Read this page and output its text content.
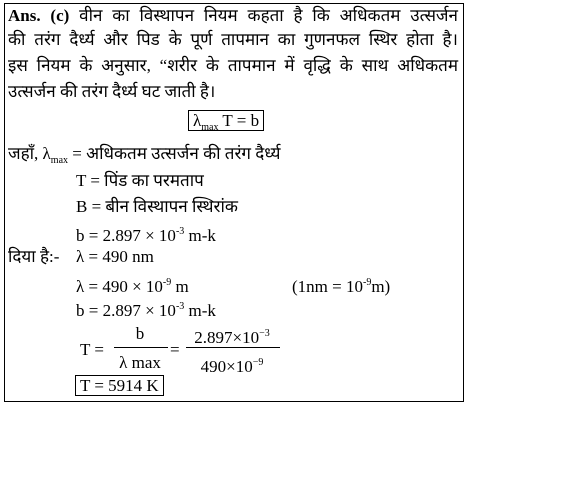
Ans. (c) वीन का विस्थापन नियम कहता है कि अधिकतम उत्सर्जन
की तरंग दैर्ध्य और पिड के पूर्ण तापमान का गुणनफल स्थिर होता है।
इस नियम के अनुसार, “शरीर के तापमान में वृद्धि के साथ अधिकतम
उत्सर्जन की तरंग दैर्ध्य घट जाती है।
$\lambda_{max}$ T = b
जहाँ, $\lambda_{max}$ = अधिकतम उत्सर्जन की तरंग दैर्ध्य
T = पिंड का परमताप
B = बीन विस्थापन स्थिरांक
$b = 2.897 \times 10^{-3}$ m-k
दिया है:- λ = 490 nm
$\lambda = 490 \times 10^{-9}$ m	$(1nm = 10^{-9}m)$
$b = 2.897 \times 10^{-3}$ m-k
T =
b
λ max
=
$2.897\times 10^{-3}$
$490\times 10^{-9}$
T = 5914 K
